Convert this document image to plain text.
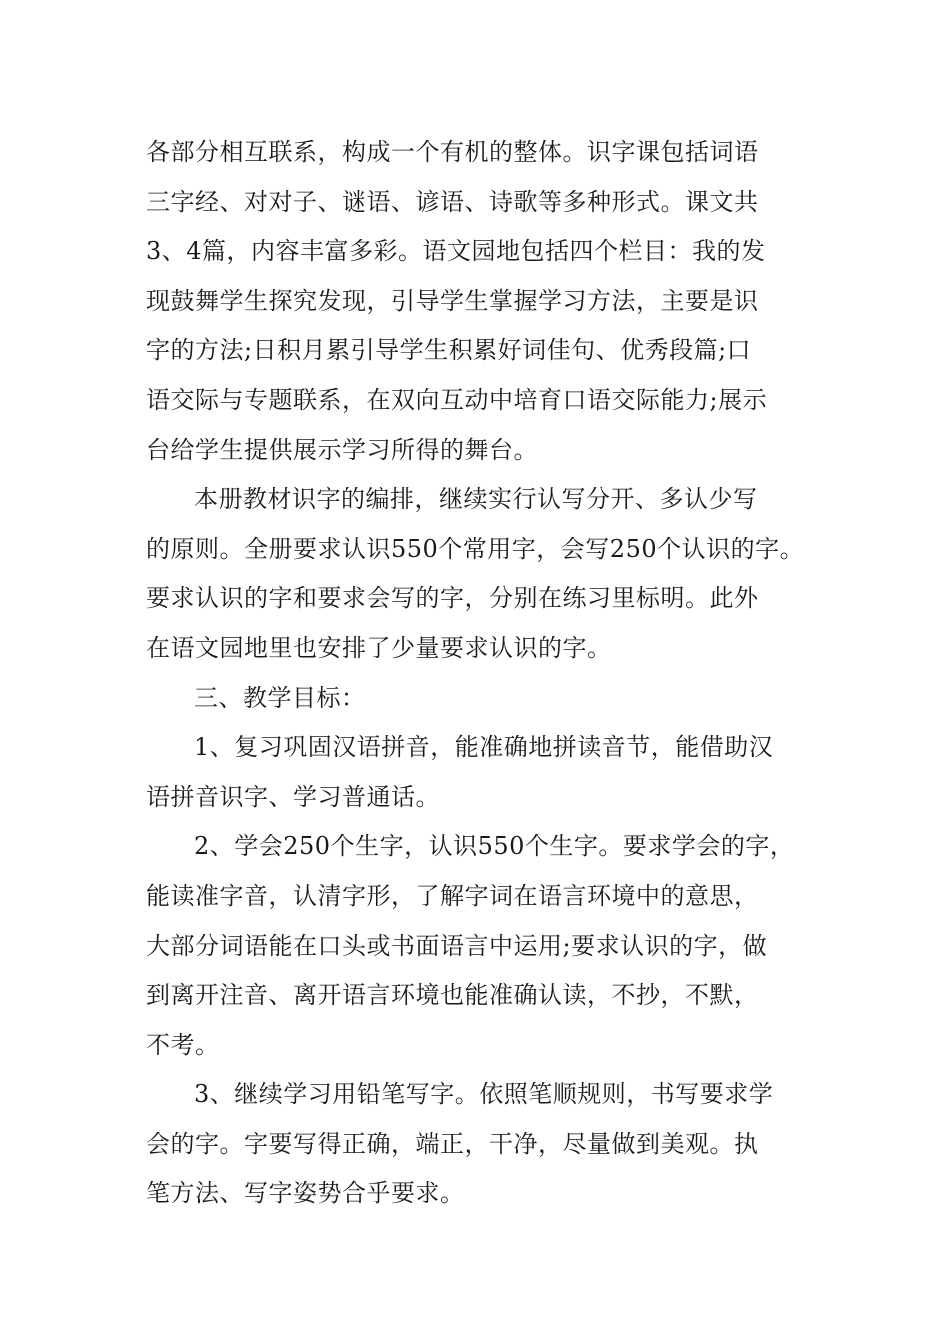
各部分相互联系，构成一个有机的整体。识字课包括词语
三字经、对对子、谜语、谚语、诗歌等多种形式。课文共
3、4篇，内容丰富多彩。语文园地包括四个栏目：我的发
现鼓舞学生探究发现，引导学生掌握学习方法，主要是识
字的方法;日积月累引导学生积累好词佳句、优秀段篇;口
语交际与专题联系，在双向互动中培育口语交际能力;展示
台给学生提供展示学习所得的舞台。
本册教材识字的编排，继续实行认写分开、多认少写
的原则。全册要求认识550个常用字，会写250个认识的字。
要求认识的字和要求会写的字，分别在练习里标明。此外
在语文园地里也安排了少量要求认识的字。
三、教学目标：
1、复习巩固汉语拼音，能准确地拼读音节，能借助汉
语拼音识字、学习普通话。
2、学会250个生字，认识550个生字。要求学会的字，
能读准字音，认清字形，了解字词在语言环境中的意思，
大部分词语能在口头或书面语言中运用;要求认识的字，做
到离开注音、离开语言环境也能准确认读，不抄，不默，
不考。
3、继续学习用铅笔写字。依照笔顺规则，书写要求学
会的字。字要写得正确，端正，干净，尽量做到美观。执
笔方法、写字姿势合乎要求。
